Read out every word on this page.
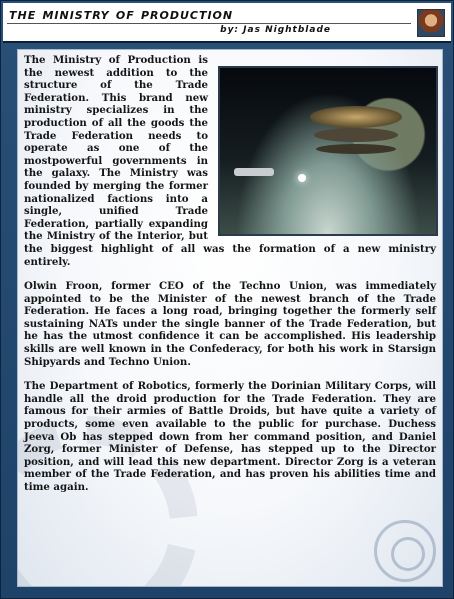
the ministry of production
by: Jas Nightblade

The Ministry of Production is the newest addition to the structure of the Trade Federation. This brand new ministry specializes in the production of all the goods the Trade Federation needs to operate as one of the mostpowerful governments in the galaxy. The Ministry was founded by merging the former nationalized factions into a single, unified Trade Federation, partially expanding the Ministry of the Interior, but the biggest highlight of all was the formation of a new ministry entirely.

Olwin Froon, former CEO of the Techno Union, was immediately appointed to be the Minister of the newest branch of the Trade Federation. He faces a long road, bringing together the formerly self sustaining NATs under the single banner of the Trade Federation, but he has the utmost confidence it can be accomplished. His leadership skills are well known in the Confederacy, for both his work in Starsign Shipyards and Techno Union.

The Department of Robotics, formerly the Dorinian Military Corps, will handle all the droid production for the Trade Federation. They are famous for their armies of Battle Droids, but have quite a variety of products, some even available to the public for purchase. Duchess Jeeva Ob has stepped down from her command position, and Daniel Zorg, former Minister of Defense, has stepped up to the Director position, and will lead this new department. Director Zorg is a veteran member of the Trade Federation, and has proven his abilities time and time again.
